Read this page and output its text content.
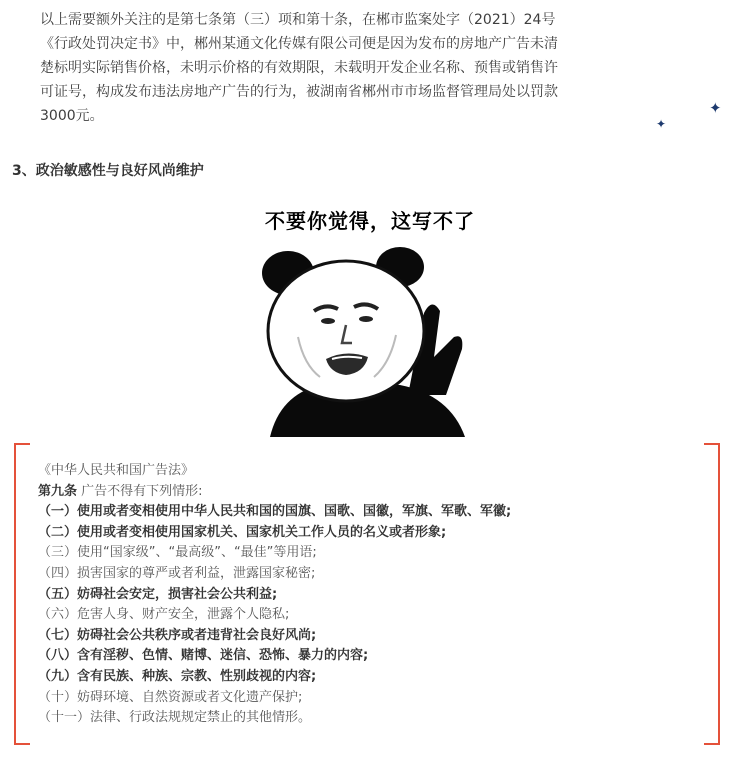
以上需要额外关注的是第七条第（三）项和第十条，在郴市监案处字（2021）24号
《行政处罚决定书》中，郴州某通文化传媒有限公司便是因为发布的房地产广告未清
楚标明实际销售价格，未明示价格的有效期限，未载明开发企业名称、预售或销售许
可证号，构成发布违法房地产广告的行为，被湖南省郴州市市场监督管理局处以罚款
3000元。	✦
✦
3、政治敏感性与良好风尚维护
不要你觉得，这写不了
《中华人民共和国广告法》
第九条 广告不得有下列情形:
（一）使用或者变相使用中华人民共和国的国旗、国歌、国徽，军旗、军歌、军徽;
（二）使用或者变相使用国家机关、国家机关工作人员的名义或者形象;
（三）使用“国家级”、“最高级”、“最佳”等用语;
（四）损害国家的尊严或者利益，泄露国家秘密;
（五）妨碍社会安定，损害社会公共利益;
（六）危害人身、财产安全，泄露个人隐私;
（七）妨碍社会公共秩序或者违背社会良好风尚;
（八）含有淫秽、色情、赌博、迷信、恐怖、暴力的内容;
（九）含有民族、种族、宗教、性别歧视的内容;
（十）妨碍环境、自然资源或者文化遗产保护;
（十一）法律、行政法规规定禁止的其他情形。
